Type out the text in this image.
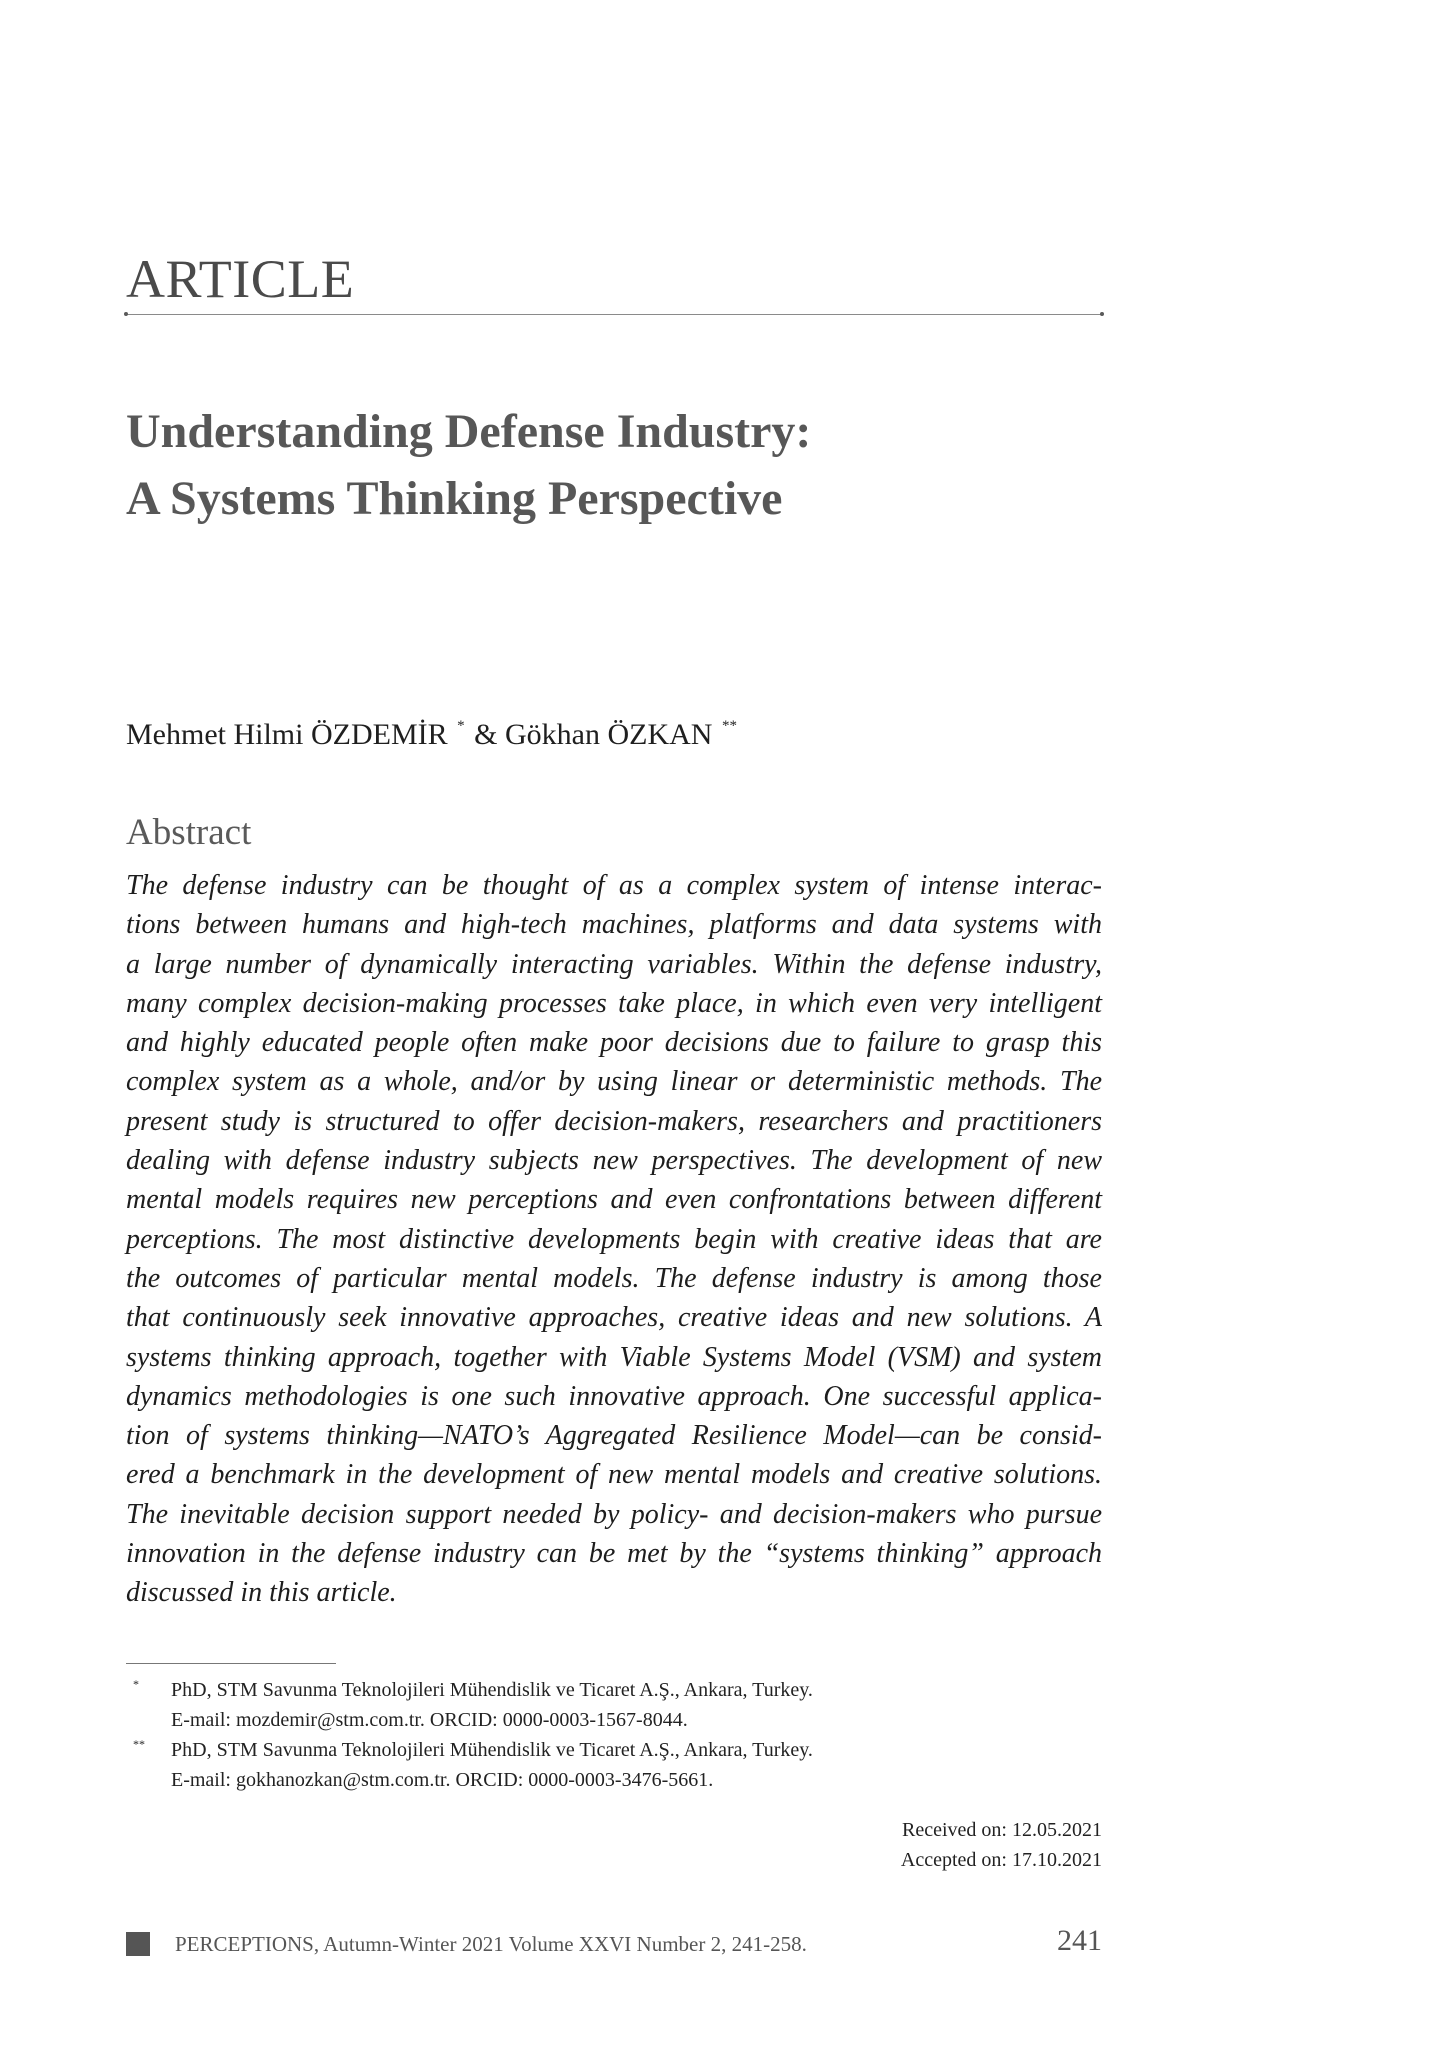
ARTICLE
Understanding Defense Industry:
A Systems Thinking Perspective
Mehmet Hilmi ÖZDEMİR * & Gökhan ÖZKAN **
Abstract
The defense industry can be thought of as a complex system of intense interac-
tions between humans and high-tech machines, platforms and data systems with
a large number of dynamically interacting variables. Within the defense industry,
many complex decision-making processes take place, in which even very intelligent
and highly educated people often make poor decisions due to failure to grasp this
complex system as a whole, and/or by using linear or deterministic methods. The
present study is structured to offer decision-makers, researchers and practitioners
dealing with defense industry subjects new perspectives. The development of new
mental models requires new perceptions and even confrontations between different
perceptions. The most distinctive developments begin with creative ideas that are
the outcomes of particular mental models. The defense industry is among those
that continuously seek innovative approaches, creative ideas and new solutions. A
systems thinking approach, together with Viable Systems Model (VSM) and system
dynamics methodologies is one such innovative approach. One successful applica-
tion of systems thinking—NATO’s Aggregated Resilience Model—can be consid-
ered a benchmark in the development of new mental models and creative solutions.
The inevitable decision support needed by policy- and decision-makers who pursue
innovation in the defense industry can be met by the “systems thinking” approach
discussed in this article.
* PhD, STM Savunma Teknolojileri Mühendislik ve Ticaret A.Ş., Ankara, Turkey.
E-mail: mozdemir@stm.com.tr. ORCID: 0000-0003-1567-8044.
** PhD, STM Savunma Teknolojileri Mühendislik ve Ticaret A.Ş., Ankara, Turkey.
E-mail: gokhanozkan@stm.com.tr. ORCID: 0000-0003-3476-5661.
Received on: 12.05.2021
Accepted on: 17.10.2021
PERCEPTIONS, Autumn-Winter 2021 Volume XXVI Number 2, 241-258.	241
